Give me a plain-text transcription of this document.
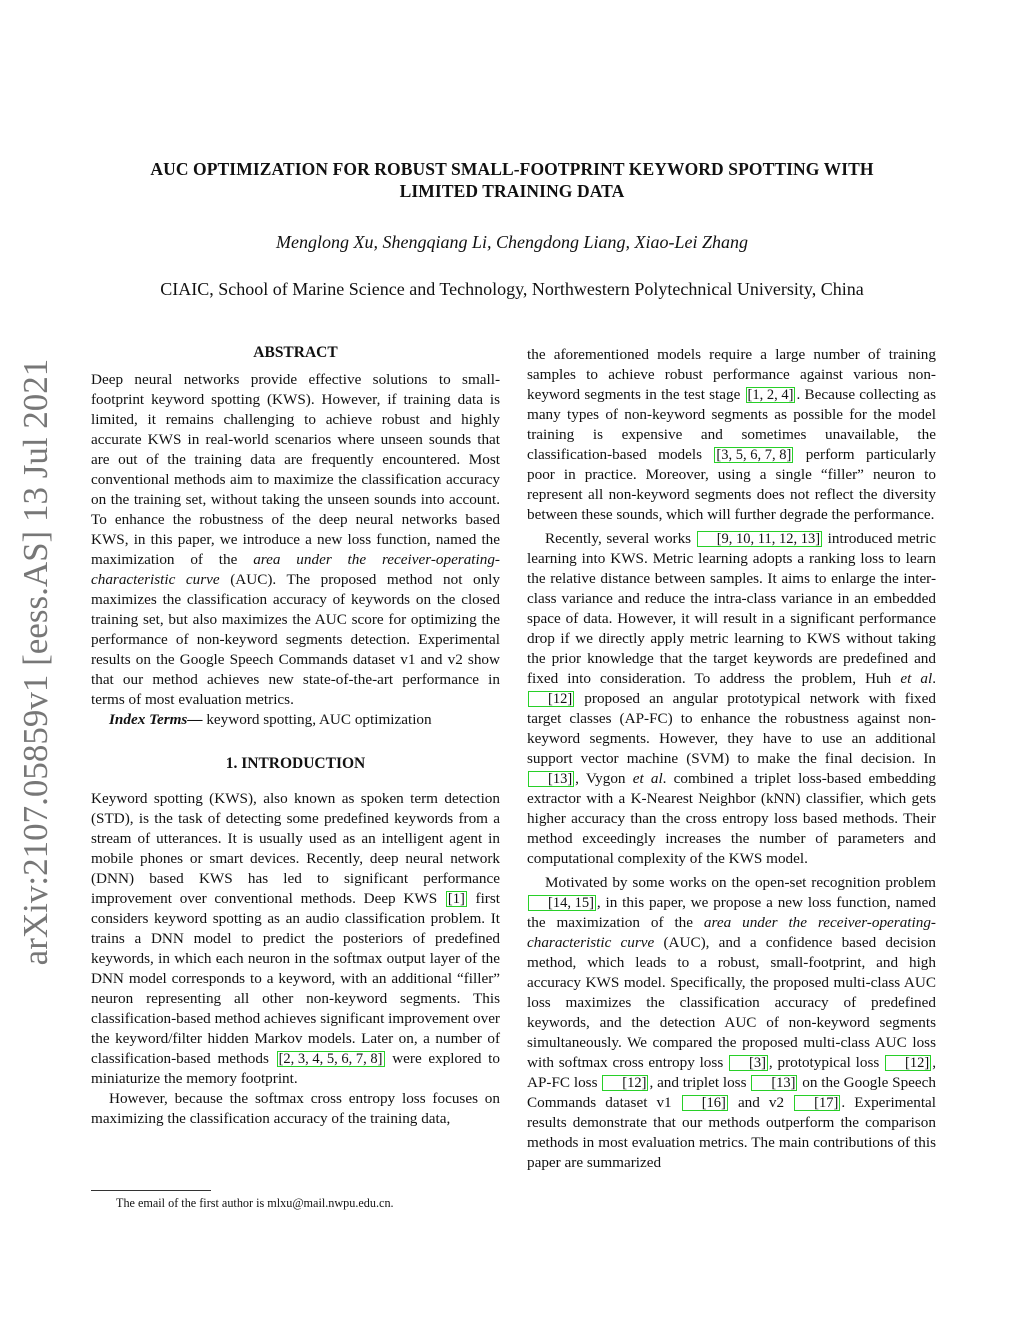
AUC OPTIMIZATION FOR ROBUST SMALL-FOOTPRINT KEYWORD SPOTTING WITH
LIMITED TRAINING DATA
Menglong Xu, Shengqiang Li, Chengdong Liang, Xiao-Lei Zhang
CIAIC, School of Marine Science and Technology, Northwestern Polytechnical University, China
arXiv:2107.05859v1 [eess.AS] 13 Jul 2021
ABSTRACT

Deep neural networks provide effective solutions to small-footprint keyword spotting (KWS). However, if training data is limited, it remains challenging to achieve robust and highly accurate KWS in real-world scenarios where unseen sounds that are out of the training data are frequently encountered. Most conventional methods aim to maximize the classification accuracy on the training set, without taking the unseen sounds into account. To enhance the robustness of the deep neural networks based KWS, in this paper, we introduce a new loss function, named the maximization of the area under the receiver-operating-characteristic curve (AUC). The proposed method not only maximizes the classification accuracy of keywords on the closed training set, but also maximizes the AUC score for optimizing the performance of non-keyword segments detection. Experimental results on the Google Speech Commands dataset v1 and v2 show that our method achieves new state-of-the-art performance in terms of most evaluation metrics.

Index Terms— keyword spotting, AUC optimization

1. INTRODUCTION

Keyword spotting (KWS), also known as spoken term detection (STD), is the task of detecting some predefined keywords from a stream of utterances. It is usually used as an intelligent agent in mobile phones or smart devices. Recently, deep neural network (DNN) based KWS has led to significant performance improvement over conventional methods. Deep KWS [1] first considers keyword spotting as an audio classification problem. It trains a DNN model to predict the posteriors of predefined keywords, in which each neuron in the softmax output layer of the DNN model corresponds to a keyword, with an additional “filler” neuron representing all other non-keyword segments. This classification-based method achieves significant improvement over the keyword/filter hidden Markov models. Later on, a number of classification-based methods [2, 3, 4, 5, 6, 7, 8] were explored to miniaturize the memory footprint.

However, because the softmax cross entropy loss focuses on maximizing the classification accuracy of the training data,

the aforementioned models require a large number of training samples to achieve robust performance against various non-keyword segments in the test stage [1, 2, 4] . Because collecting as many types of non-keyword segments as possible for the model training is expensive and sometimes unavailable, the classification-based models [3, 5, 6, 7, 8] perform particularly poor in practice. Moreover, using a single “filler” neuron to represent all non-keyword segments does not reflect the diversity between these sounds, which will further degrade the performance.

Recently, several works [9, 10, 11, 12, 13] introduced metric learning into KWS. Metric learning adopts a ranking loss to learn the relative distance between samples. It aims to enlarge the inter-class variance and reduce the intra-class variance in an embedded space of data. However, it will result in a significant performance drop if we directly apply metric learning to KWS without taking the prior knowledge that the target keywords are predefined and fixed into consideration. To address the problem, Huh et al. [12] proposed an angular prototypical network with fixed target classes (AP-FC) to enhance the robustness against non-keyword segments. However, they have to use an additional support vector machine (SVM) to make the final decision. In [13] , Vygon et al. combined a triplet loss-based embedding extractor with a K-Nearest Neighbor (kNN) classifier, which gets higher accuracy than the cross entropy loss based methods. Their method exceedingly increases the number of parameters and computational complexity of the KWS model.

Motivated by some works on the open-set recognition problem [14, 15] , in this paper, we propose a new loss function, named the maximization of the area under the receiver-operating-characteristic curve (AUC), and a confidence based decision method, which leads to a robust, small-footprint, and high accuracy KWS model. Specifically, the proposed multi-class AUC loss maximizes the classification accuracy of predefined keywords, and the detection AUC of non-keyword segments simultaneously. We compared the proposed multi-class AUC loss with softmax cross entropy loss [3] , prototypical loss [12] , AP-FC loss [12] , and triplet loss [13] on the Google Speech Commands dataset v1 [16] and v2 [17] . Experimental results demonstrate that our methods outperform the comparison methods in most evaluation metrics. The main contributions of this paper are summarized

The email of the first author is mlxu@mail.nwpu.edu.cn.
